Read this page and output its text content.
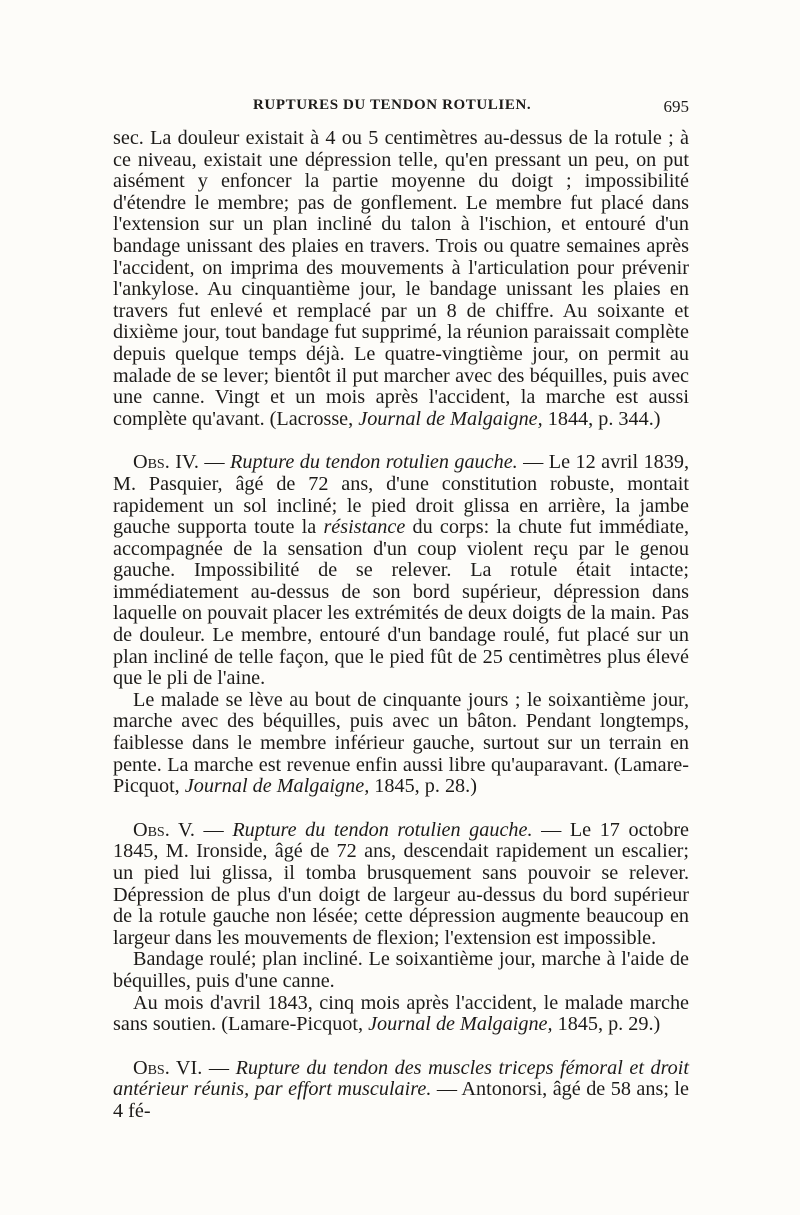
RUPTURES DU TENDON ROTULIEN.	695

sec. La douleur existait à 4 ou 5 centimètres au-dessus de la rotule ; à ce niveau, existait une dépression telle, qu'en pressant un peu, on put aisément y enfoncer la partie moyenne du doigt ; impossibilité d'étendre le membre; pas de gonflement. Le membre fut placé dans l'extension sur un plan incliné du talon à l'ischion, et entouré d'un bandage unissant des plaies en travers. Trois ou quatre semaines après l'accident, on imprima des mouvements à l'articulation pour prévenir l'ankylose. Au cinquantième jour, le bandage unissant les plaies en travers fut enlevé et remplacé par un 8 de chiffre. Au soixante et dixième jour, tout bandage fut supprimé, la réunion paraissait complète depuis quelque temps déjà. Le quatre-vingtième jour, on permit au malade de se lever; bientôt il put marcher avec des béquilles, puis avec une canne. Vingt et un mois après l'accident, la marche est aussi complète qu'avant. (Lacrosse, Journal de Malgaigne, 1844, p. 344.)

Obs. IV. — Rupture du tendon rotulien gauche. — Le 12 avril 1839, M. Pasquier, âgé de 72 ans, d'une constitution robuste, montait rapidement un sol incliné; le pied droit glissa en arrière, la jambe gauche supporta toute la résistance du corps: la chute fut immédiate, accompagnée de la sensation d'un coup violent reçu par le genou gauche. Impossibilité de se relever. La rotule était intacte; immédiatement au-dessus de son bord supérieur, dépression dans laquelle on pouvait placer les extrémités de deux doigts de la main. Pas de douleur. Le membre, entouré d'un bandage roulé, fut placé sur un plan incliné de telle façon, que le pied fût de 25 centimètres plus élevé que le pli de l'aine.

Le malade se lève au bout de cinquante jours ; le soixantième jour, marche avec des béquilles, puis avec un bâton. Pendant longtemps, faiblesse dans le membre inférieur gauche, surtout sur un terrain en pente. La marche est revenue enfin aussi libre qu'auparavant. (Lamare-Picquot, Journal de Malgaigne, 1845, p. 28.)

Obs. V. — Rupture du tendon rotulien gauche. — Le 17 octobre 1845, M. Ironside, âgé de 72 ans, descendait rapidement un escalier; un pied lui glissa, il tomba brusquement sans pouvoir se relever. Dépression de plus d'un doigt de largeur au-dessus du bord supérieur de la rotule gauche non lésée; cette dépression augmente beaucoup en largeur dans les mouvements de flexion; l'extension est impossible.

Bandage roulé; plan incliné. Le soixantième jour, marche à l'aide de béquilles, puis d'une canne.

Au mois d'avril 1843, cinq mois après l'accident, le malade marche sans soutien. (Lamare-Picquot, Journal de Malgaigne, 1845, p. 29.)

Obs. VI. — Rupture du tendon des muscles triceps fémoral et droit antérieur réunis, par effort musculaire. — Antonorsi, âgé de 58 ans; le 4 fé-
